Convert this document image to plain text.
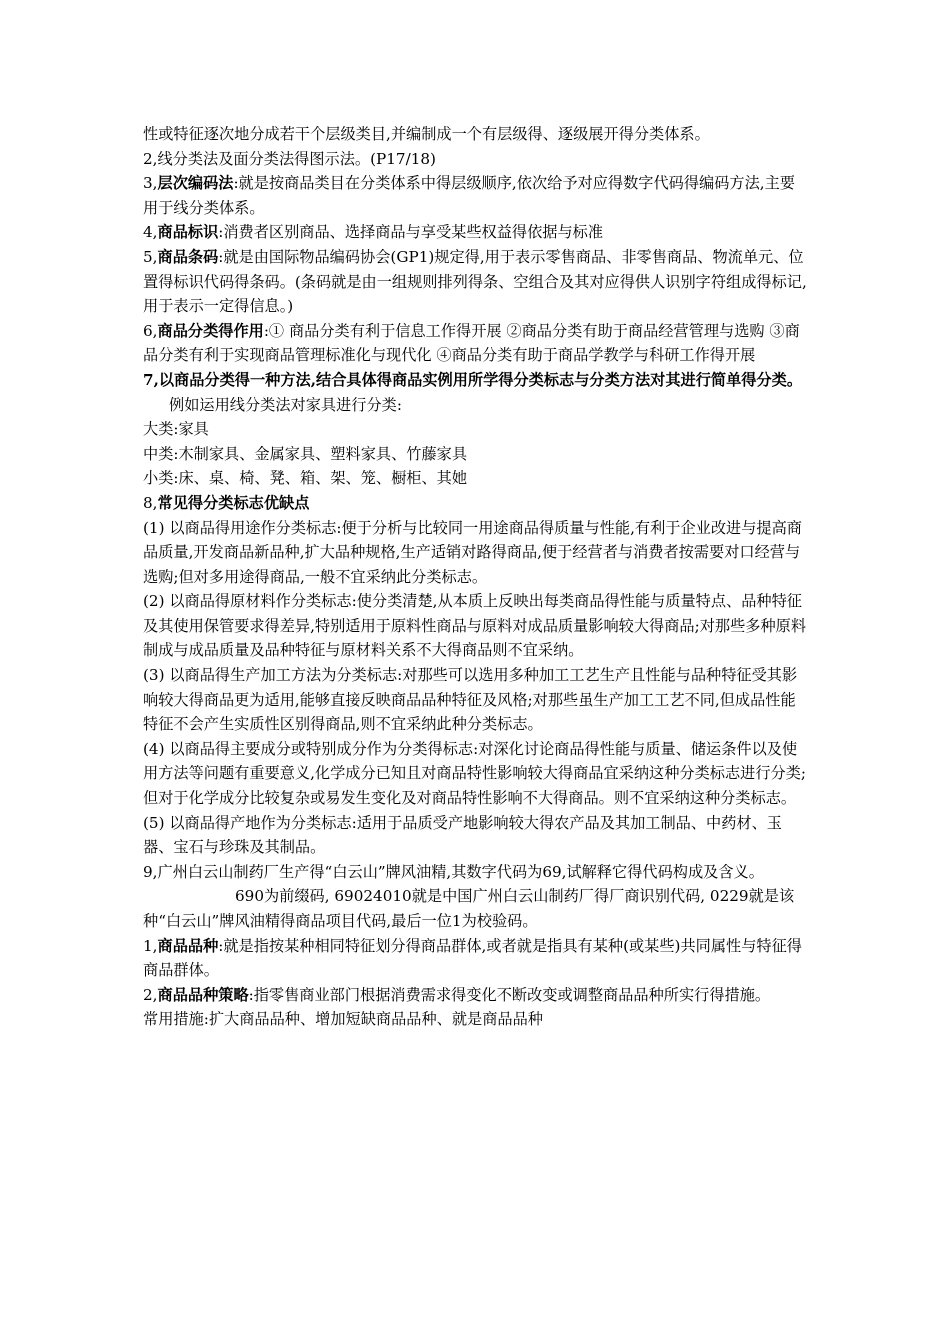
性或特征逐次地分成若干个层级类目,并编制成一个有层级得、逐级展开得分类体系。

2,线分类法及面分类法得图示法。(P17/18)

3,层次编码法:就是按商品类目在分类体系中得层级顺序,依次给予对应得数字代码得编码方法,主要用于线分类体系。

4,商品标识:消费者区别商品、选择商品与享受某些权益得依据与标准

5,商品条码:就是由国际物品编码协会(GP1)规定得,用于表示零售商品、非零售商品、物流单元、位置得标识代码得条码。(条码就是由一组规则排列得条、空组合及其对应得供人识别字符组成得标记,用于表示一定得信息。)

6,商品分类得作用:① 商品分类有利于信息工作得开展 ②商品分类有助于商品经营管理与选购 ③商品分类有利于实现商品管理标准化与现代化 ④商品分类有助于商品学教学与科研工作得开展

7,以商品分类得一种方法,结合具体得商品实例用所学得分类标志与分类方法对其进行简单得分类。例如运用线分类法对家具进行分类:

大类:家具

中类:木制家具、金属家具、塑料家具、竹藤家具

小类:床、桌、椅、凳、箱、架、笼、橱柜、其她

8,常见得分类标志优缺点

(1) 以商品得用途作分类标志:便于分析与比较同一用途商品得质量与性能,有利于企业改进与提高商品质量,开发商品新品种,扩大品种规格,生产适销对路得商品,便于经营者与消费者按需要对口经营与选购;但对多用途得商品,一般不宜采纳此分类标志。

(2) 以商品得原材料作分类标志:使分类清楚,从本质上反映出每类商品得性能与质量特点、品种特征及其使用保管要求得差异,特别适用于原料性商品与原料对成品质量影响较大得商品;对那些多种原料制成与成品质量及品种特征与原材料关系不大得商品则不宜采纳。

(3) 以商品得生产加工方法为分类标志:对那些可以选用多种加工工艺生产且性能与品种特征受其影响较大得商品更为适用,能够直接反映商品品种特征及风格;对那些虽生产加工工艺不同,但成品性能特征不会产生实质性区别得商品,则不宜采纳此种分类标志。

(4) 以商品得主要成分或特别成分作为分类得标志:对深化讨论商品得性能与质量、储运条件以及使用方法等问题有重要意义,化学成分已知且对商品特性影响较大得商品宜采纳这种分类标志进行分类;但对于化学成分比较复杂或易发生变化及对商品特性影响不大得商品。则不宜采纳这种分类标志。

(5) 以商品得产地作为分类标志:适用于品质受产地影响较大得农产品及其加工制品、中药材、玉器、宝石与珍珠及其制品。

9,广州白云山制药厂生产得“白云山”牌风油精,其数字代码为69,试解释它得代码构成及含义。690为前缀码, 69024010就是中国广州白云山制药厂得厂商识别代码, 0229就是该种“白云山”牌风油精得商品项目代码,最后一位1为校验码。

1,商品品种:就是指按某种相同特征划分得商品群体,或者就是指具有某种(或某些)共同属性与特征得商品群体。

2,商品品种策略:指零售商业部门根据消费需求得变化不断改变或调整商品品种所实行得措施。常用措施:扩大商品品种、增加短缺商品品种、就是商品品种
